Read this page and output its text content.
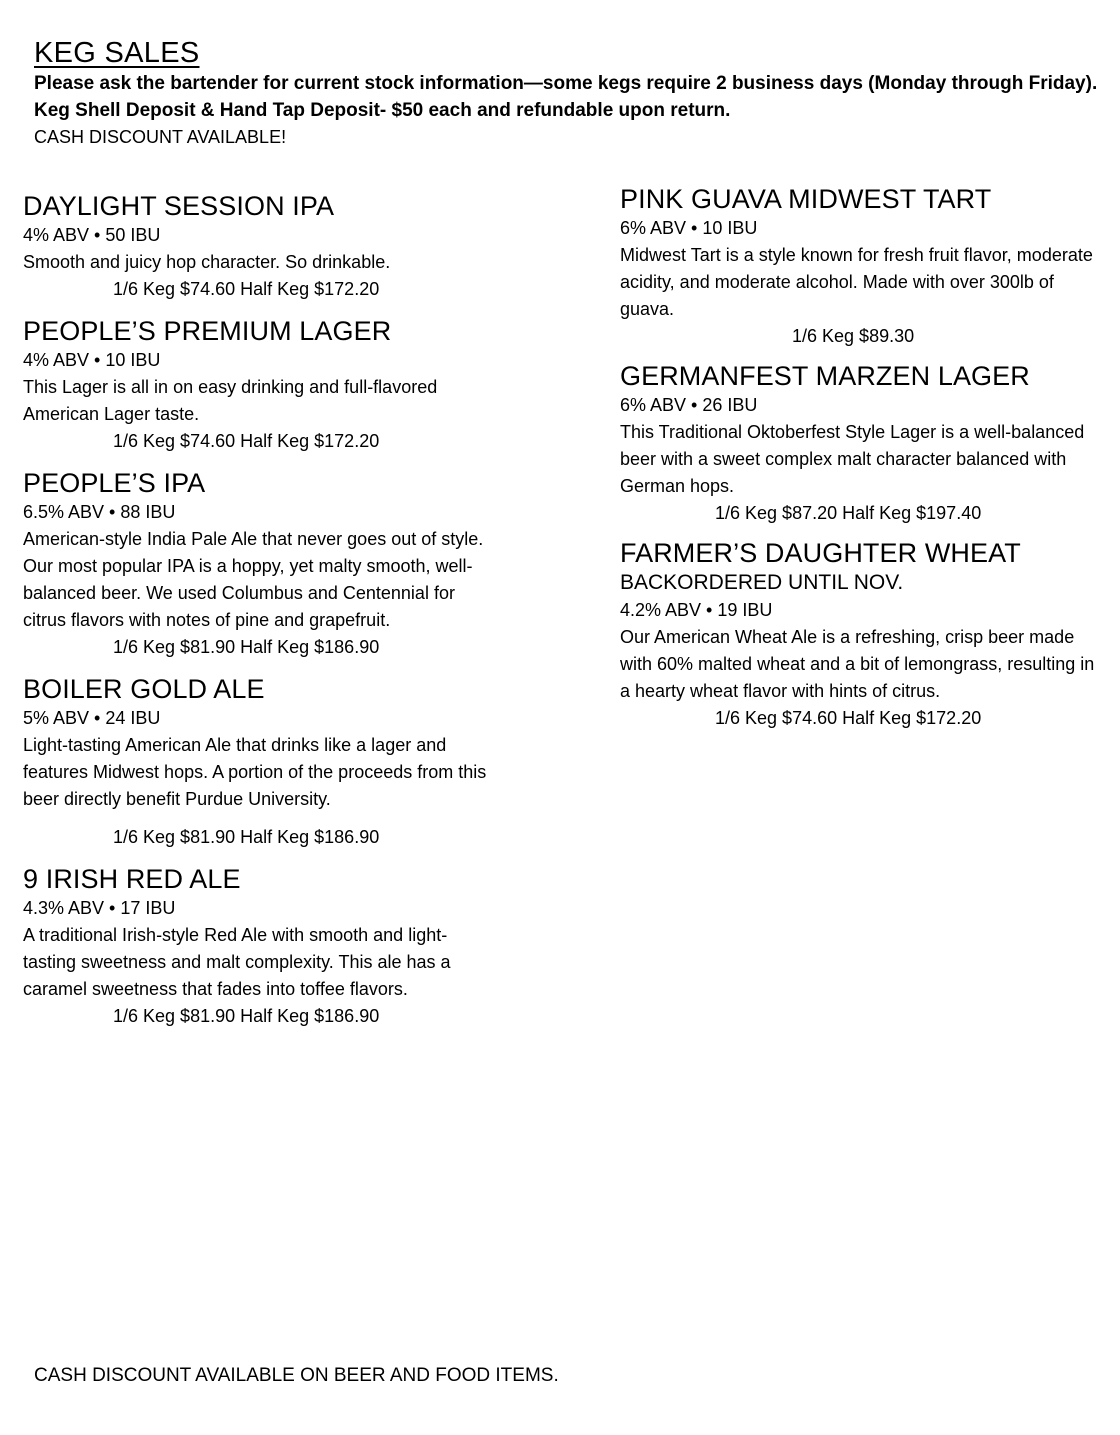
KEG SALES
Please ask the bartender for current stock information—some kegs require 2 business days (Monday through Friday).
Keg Shell Deposit & Hand Tap Deposit- $50 each and refundable upon return.
CASH DISCOUNT AVAILABLE!
DAYLIGHT SESSION IPA
4% ABV • 50 IBU
Smooth and juicy hop character. So drinkable.
1/6 Keg $74.60 Half Keg $172.20
PEOPLE’S PREMIUM LAGER
4% ABV • 10 IBU
This Lager is all in on easy drinking and full-flavored American Lager taste.
1/6 Keg $74.60 Half Keg $172.20
PEOPLE’S IPA
6.5% ABV • 88 IBU
American-style India Pale Ale that never goes out of style. Our most popular IPA is a hoppy, yet malty smooth, well-balanced beer. We used Columbus and Centennial for citrus flavors with notes of pine and grapefruit.
1/6 Keg $81.90 Half Keg $186.90
BOILER GOLD ALE
5% ABV • 24 IBU
Light-tasting American Ale that drinks like a lager and features Midwest hops. A portion of the proceeds from this beer directly benefit Purdue University.
1/6 Keg $81.90 Half Keg $186.90
9 IRISH RED ALE
4.3% ABV • 17 IBU
A traditional Irish-style Red Ale with smooth and light-tasting sweetness and malt complexity. This ale has a caramel sweetness that fades into toffee flavors.
1/6 Keg $81.90 Half Keg $186.90
PINK GUAVA MIDWEST TART
6% ABV • 10 IBU
Midwest Tart is a style known for fresh fruit flavor, moderate acidity, and moderate alcohol. Made with over 300lb of guava.
1/6 Keg $89.30
GERMANFEST MARZEN LAGER
6% ABV • 26 IBU
This Traditional Oktoberfest Style Lager is a well-balanced beer with a sweet complex malt character balanced with German hops.
1/6 Keg $87.20 Half Keg $197.40
FARMER’S DAUGHTER WHEAT
BACKORDERED UNTIL NOV.
4.2% ABV • 19 IBU
Our American Wheat Ale is a refreshing, crisp beer made with 60% malted wheat and a bit of lemongrass, resulting in a hearty wheat flavor with hints of citrus.
1/6 Keg $74.60 Half Keg $172.20
CASH DISCOUNT AVAILABLE ON BEER AND FOOD ITEMS.
